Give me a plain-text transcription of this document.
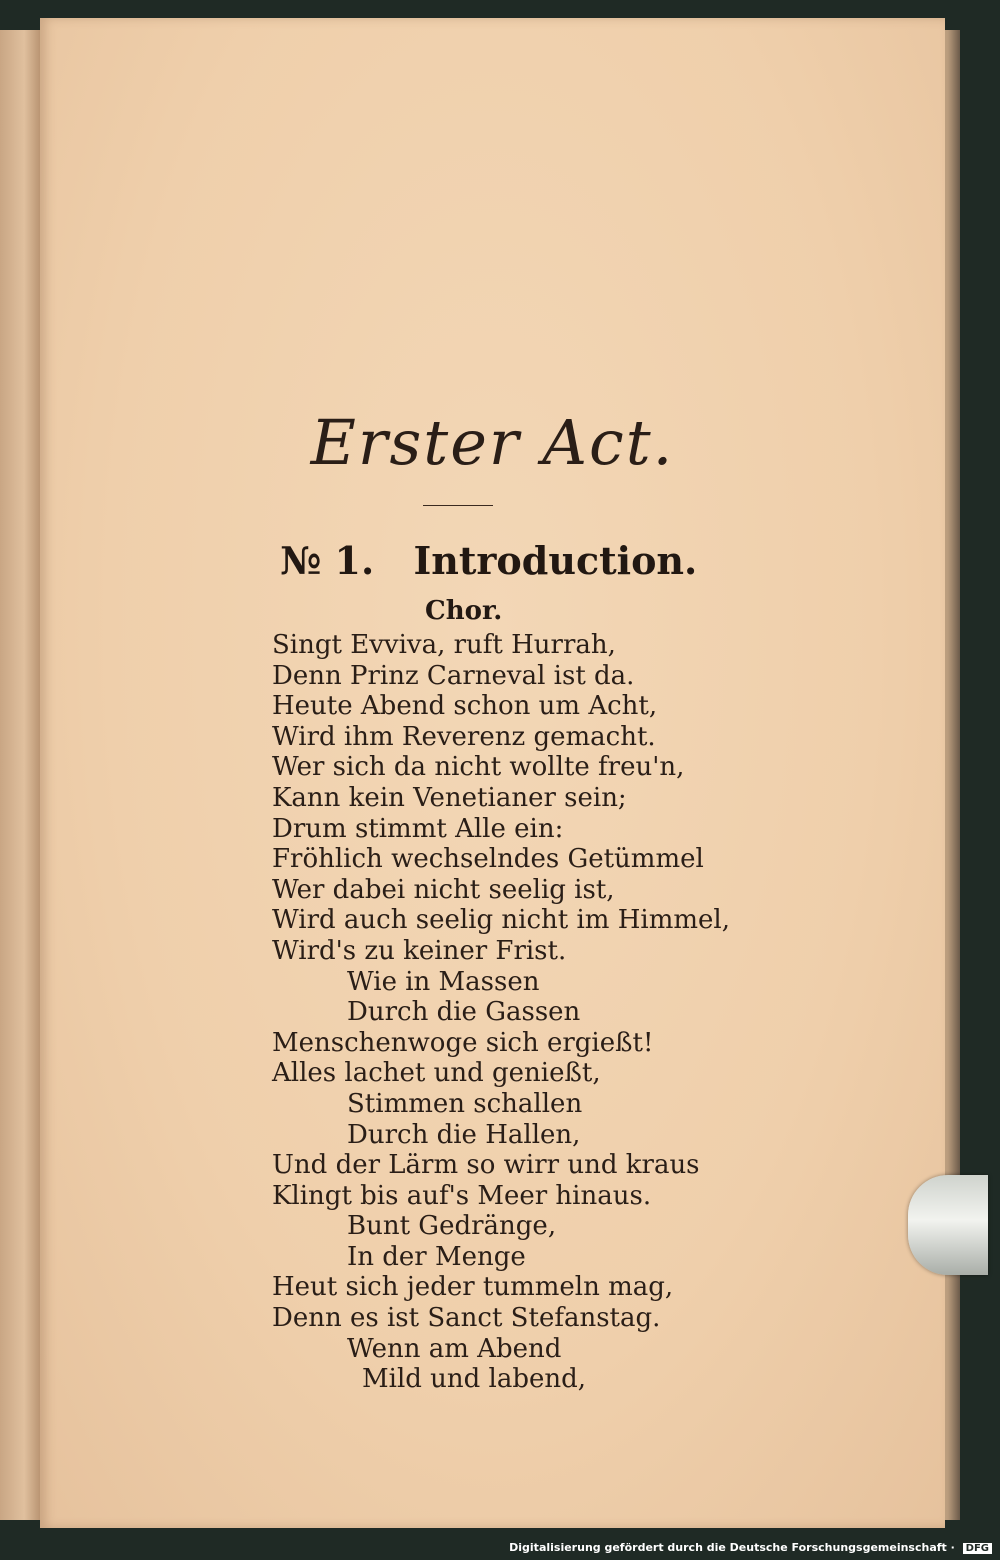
Erster Act.
№ 1. Introduction.
Chor.
Singt Evviva, ruft Hurrah,
Denn Prinz Carneval ist da.
Heute Abend schon um Acht,
Wird ihm Reverenz gemacht.
Wer sich da nicht wollte freu'n,
Kann kein Venetianer sein;
Drum stimmt Alle ein:
Fröhlich wechselndes Getümmel
Wer dabei nicht seelig ist,
Wird auch seelig nicht im Himmel,
Wird's zu keiner Frist.
Wie in Massen
Durch die Gassen
Menschenwoge sich ergießt!
Alles lachet und genießt,
Stimmen schallen
Durch die Hallen,
Und der Lärm so wirr und kraus
Klingt bis auf's Meer hinaus.
Bunt Gedränge,
In der Menge
Heut sich jeder tummeln mag,
Denn es ist Sanct Stefanstag.
Wenn am Abend
Mild und labend,
Digitalisierung gefördert durch die Deutsche Forschungsgemeinschaft · DFG
